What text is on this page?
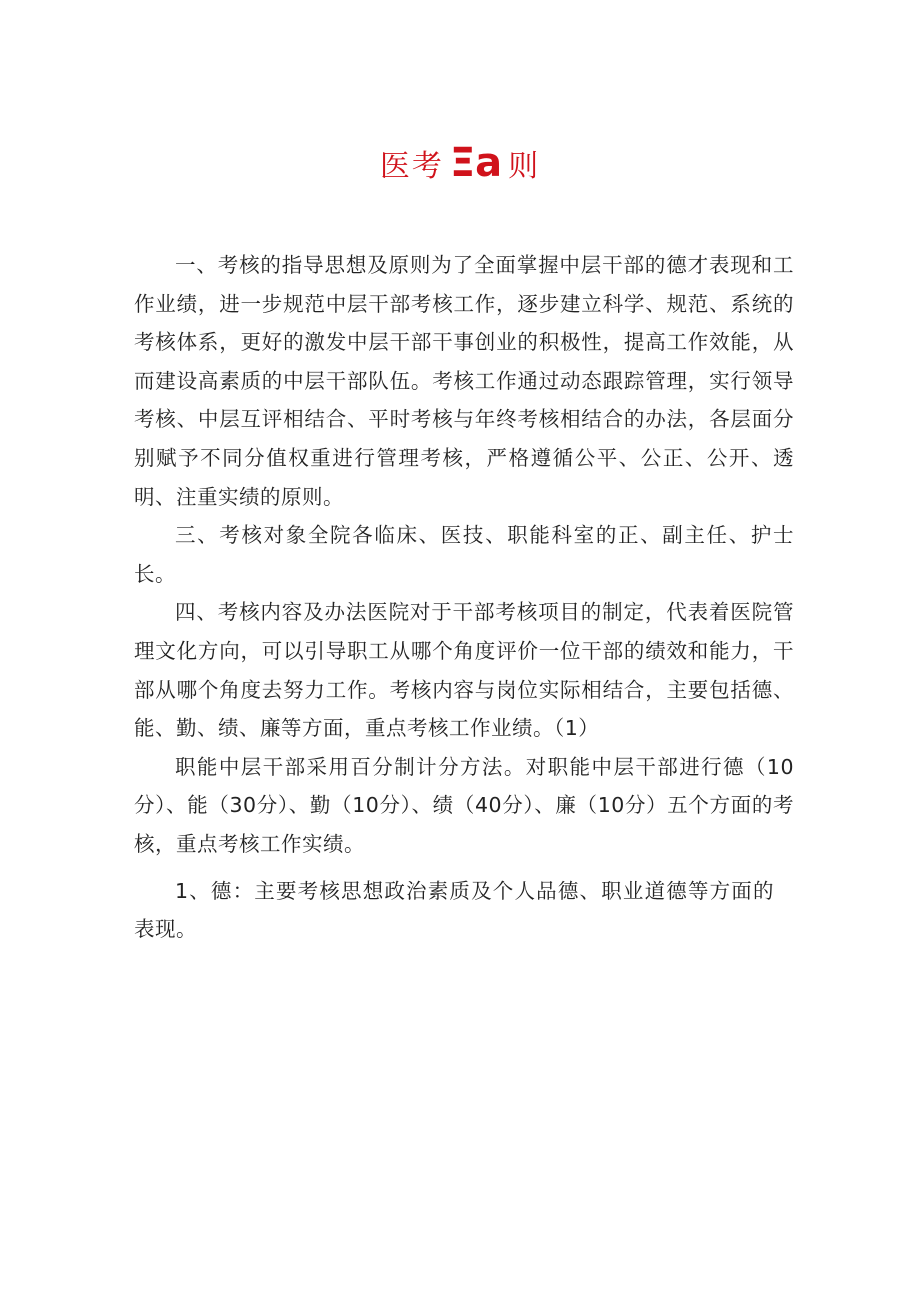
医考 Ξa 则

一、考核的指导思想及原则为了全面掌握中层干部的德才表现和工作业绩，进一步规范中层干部考核工作，逐步建立科学、规范、系统的考核体系，更好的激发中层干部干事创业的积极性，提高工作效能，从而建设高素质的中层干部队伍。考核工作通过动态跟踪管理，实行领导考核、中层互评相结合、平时考核与年终考核相结合的办法，各层面分别赋予不同分值权重进行管理考核，严格遵循公平、公正、公开、透明、注重实绩的原则。

三、考核对象全院各临床、医技、职能科室的正、副主任、护士长。

四、考核内容及办法医院对于干部考核项目的制定，代表着医院管理文化方向，可以引导职工从哪个角度评价一位干部的绩效和能力，干部从哪个角度去努力工作。考核内容与岗位实际相结合，主要包括德、能、勤、绩、廉等方面，重点考核工作业绩。（1）

职能中层干部采用百分制计分方法。对职能中层干部进行德（10分）、能（30分）、勤（10分）、绩（40分）、廉（10分）五个方面的考核，重点考核工作实绩。

1、德：主要考核思想政治素质及个人品德、职业道德等方面的表现。
